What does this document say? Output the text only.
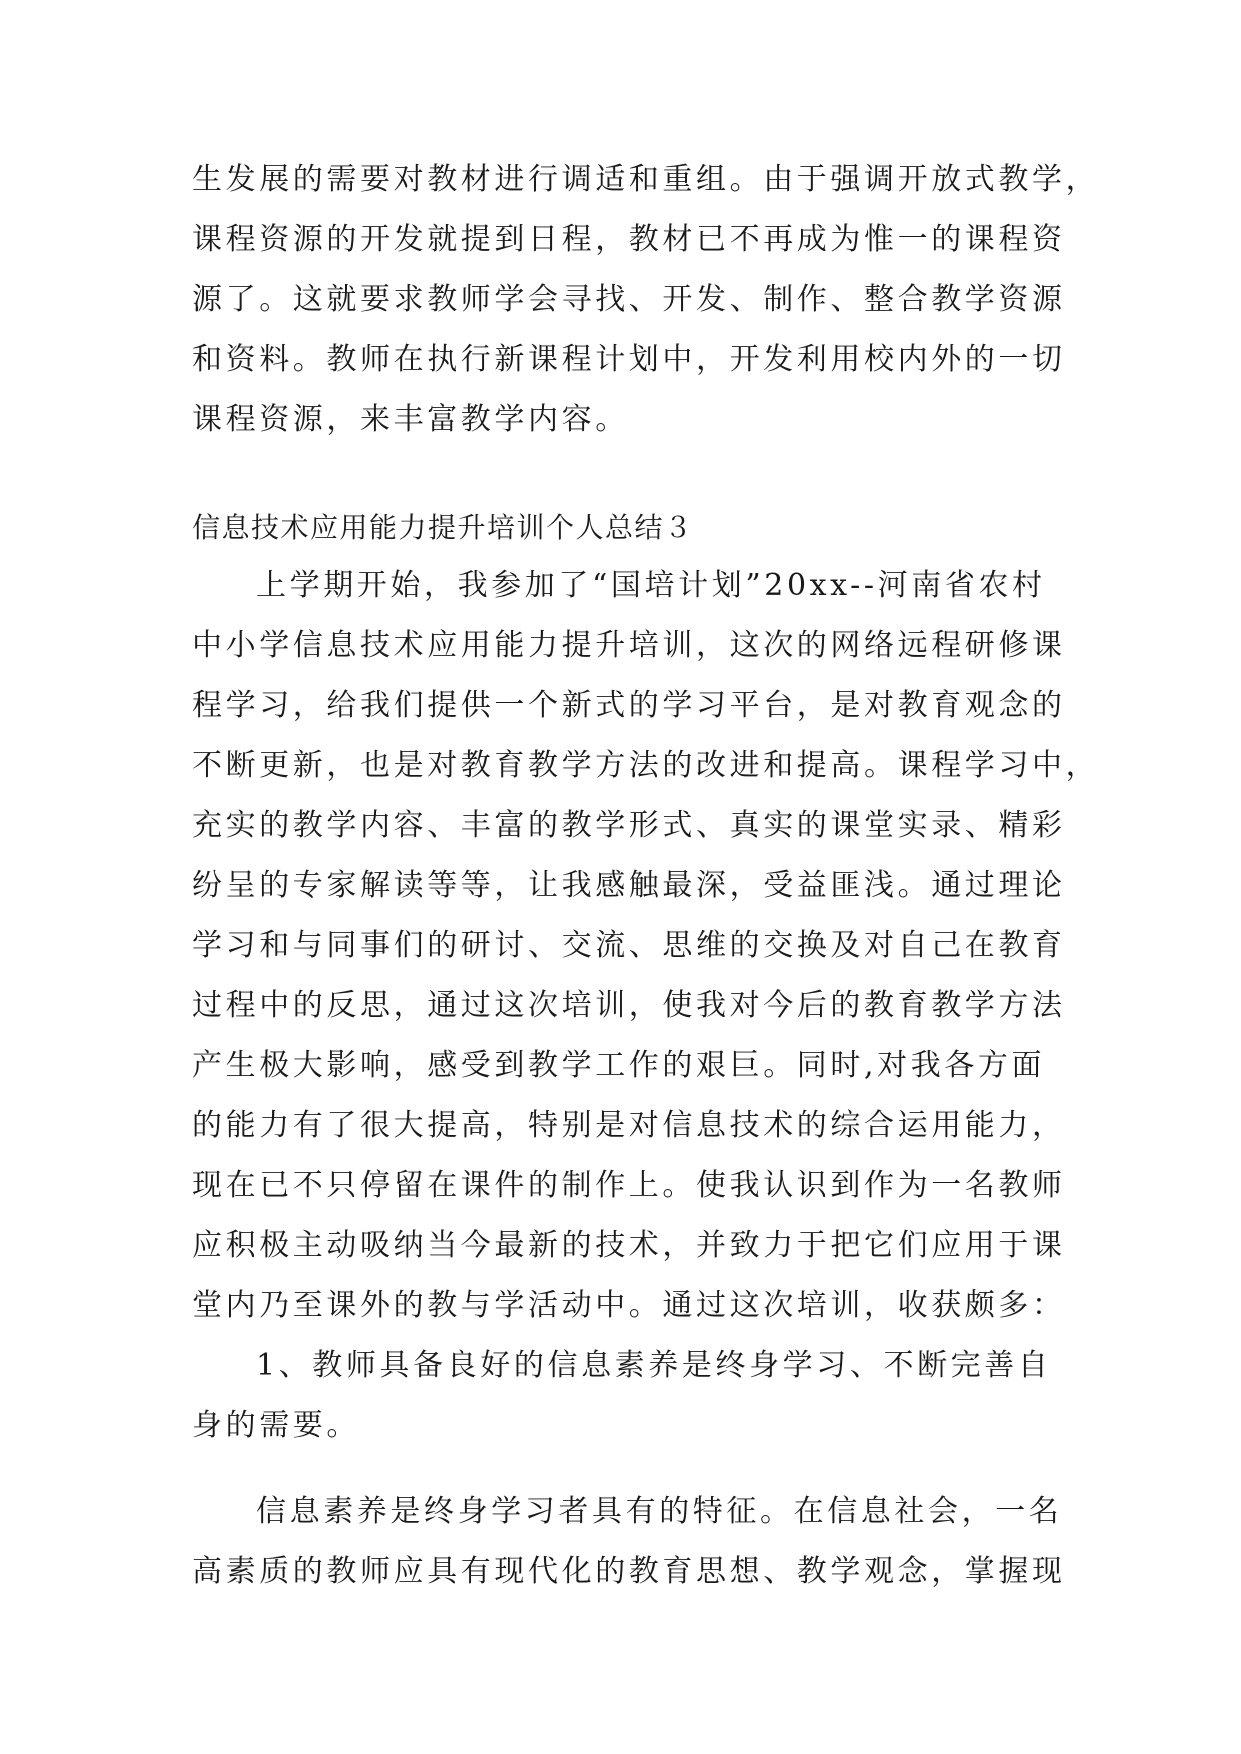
生发展的需要对教材进行调适和重组。由于强调开放式教学，
课程资源的开发就提到日程，教材已不再成为惟一的课程资
源了。这就要求教师学会寻找、开发、制作、整合教学资源
和资料。教师在执行新课程计划中，开发利用校内外的一切
课程资源，来丰富教学内容。
信息技术应用能力提升培训个人总结３
上学期开始，我参加了“国培计划”20xx--河南省农村
中小学信息技术应用能力提升培训，这次的网络远程研修课
程学习，给我们提供一个新式的学习平台，是对教育观念的
不断更新，也是对教育教学方法的改进和提高。课程学习中，
充实的教学内容、丰富的教学形式、真实的课堂实录、精彩
纷呈的专家解读等等，让我感触最深，受益匪浅。通过理论
学习和与同事们的研讨、交流、思维的交换及对自己在教育
过程中的反思，通过这次培训，使我对今后的教育教学方法
产生极大影响，感受到教学工作的艰巨。同时,对我各方面
的能力有了很大提高，特别是对信息技术的综合运用能力，
现在已不只停留在课件的制作上。使我认识到作为一名教师
应积极主动吸纳当今最新的技术，并致力于把它们应用于课
堂内乃至课外的教与学活动中。通过这次培训，收获颇多：
1、教师具备良好的信息素养是终身学习、不断完善自
身的需要。
信息素养是终身学习者具有的特征。在信息社会，一名
高素质的教师应具有现代化的教育思想、教学观念，掌握现
